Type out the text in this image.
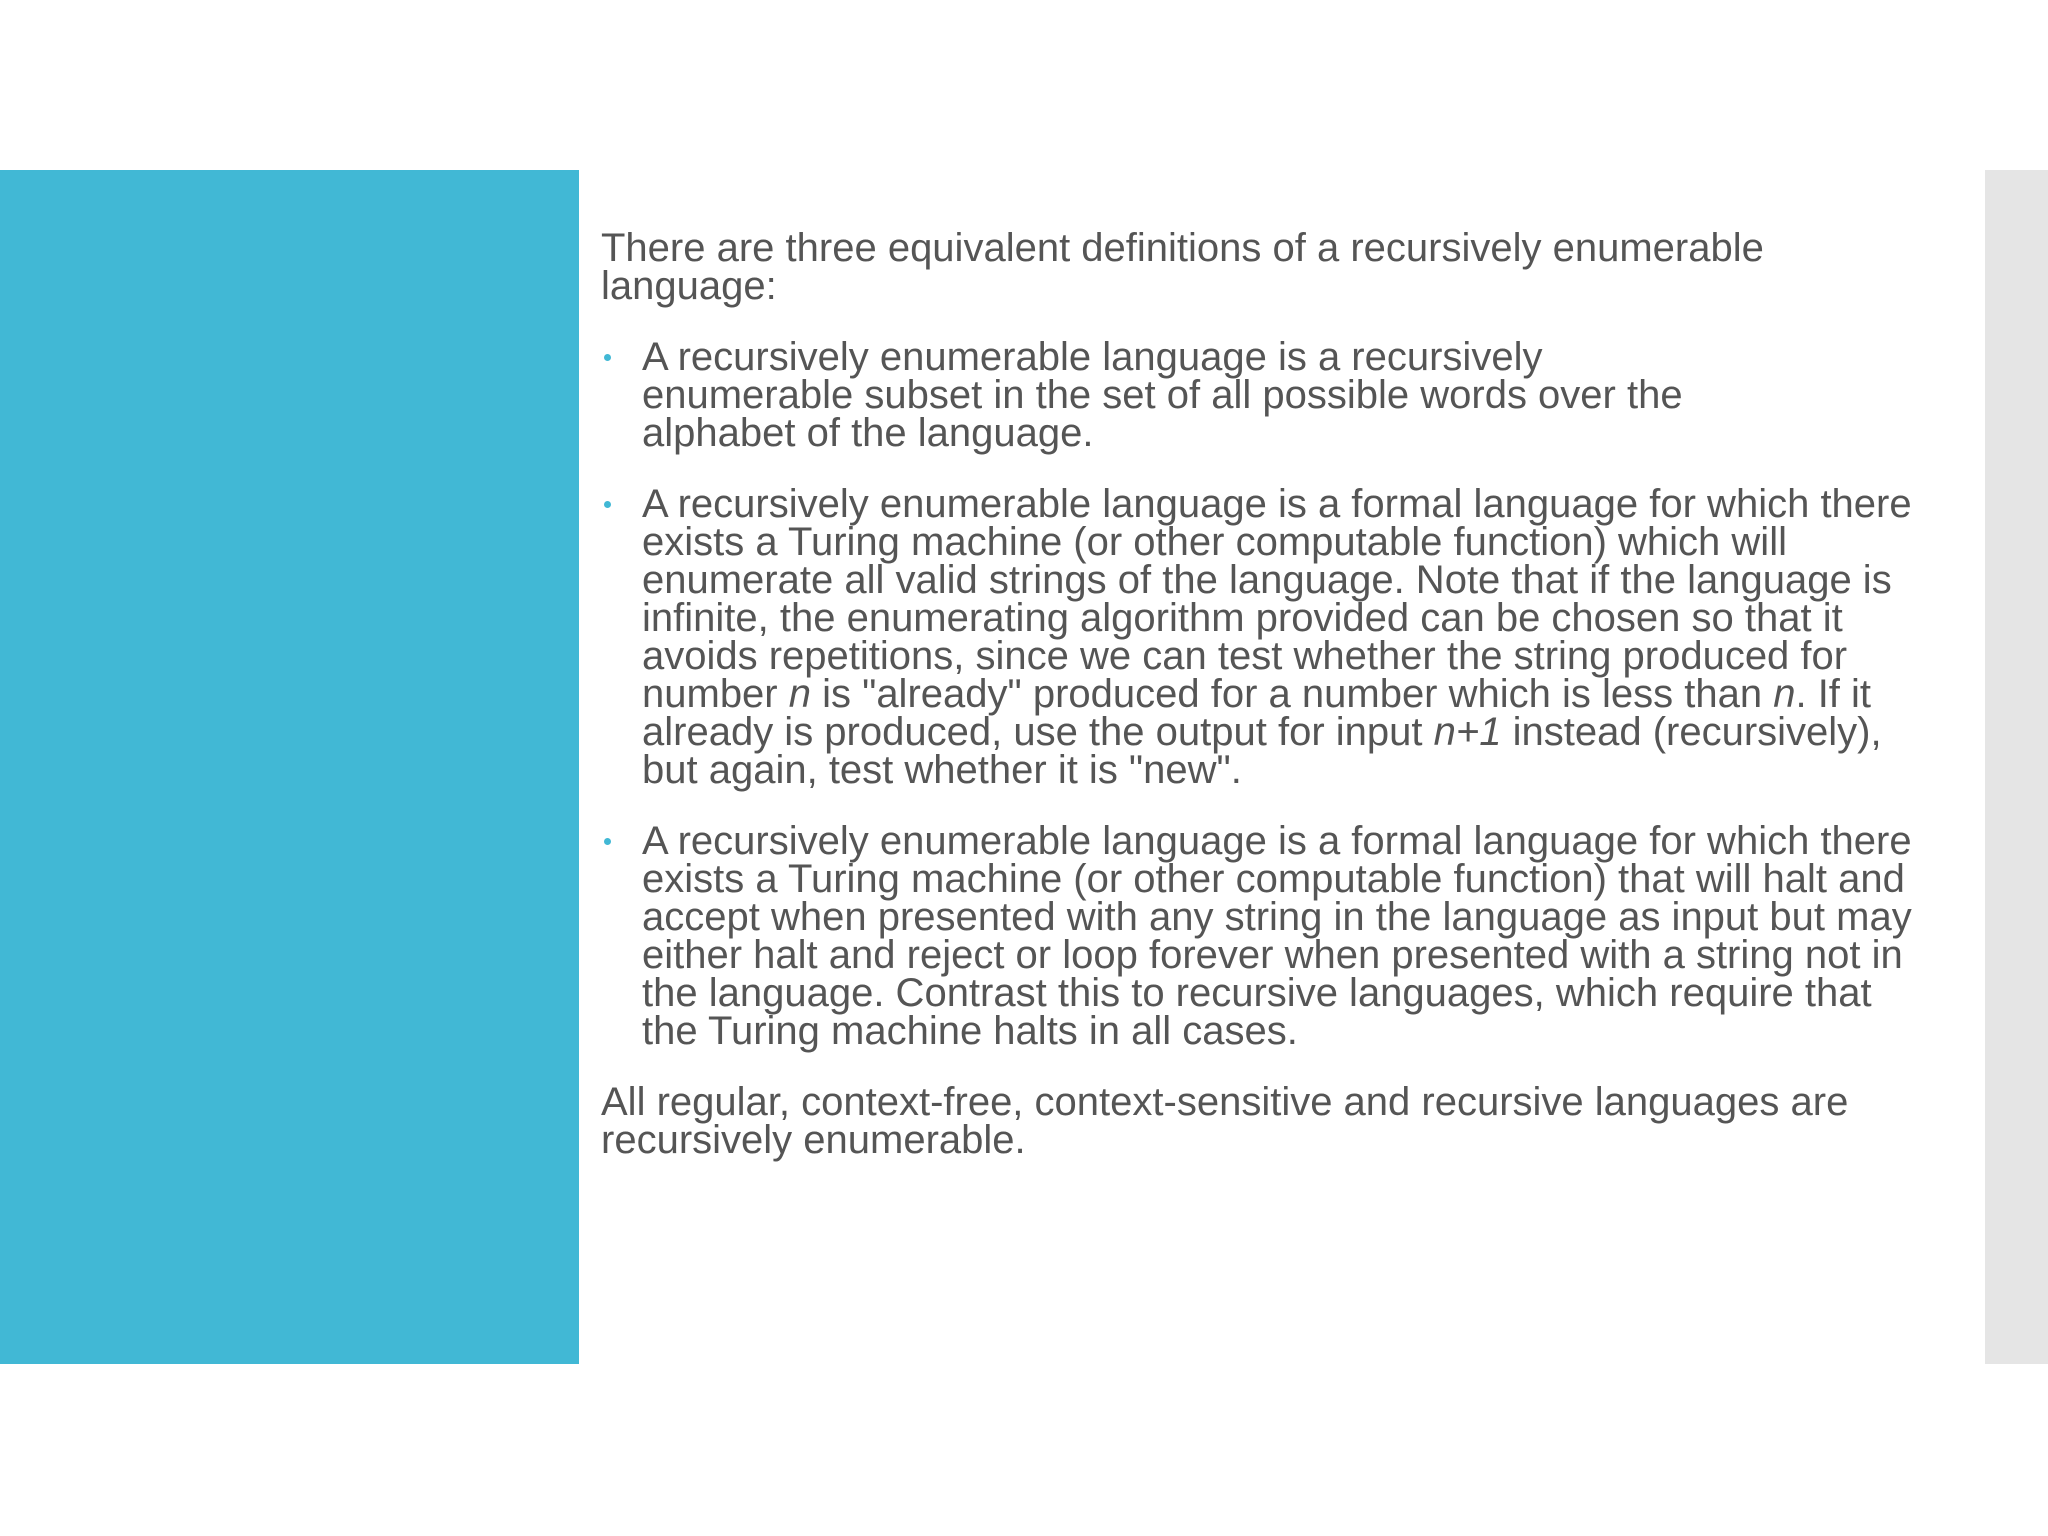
There are three equivalent definitions of a recursively enumerable language:

A recursively enumerable language is a recursively enumerable subset in the set of all possible words over the alphabet of the language.
A recursively enumerable language is a formal language for which there exists a Turing machine (or other computable function) which will enumerate all valid strings of the language. Note that if the language is infinite, the enumerating algorithm provided can be chosen so that it avoids repetitions, since we can test whether the string produced for number n is "already" produced for a number which is less than n. If it already is produced, use the output for input n+1 instead (recursively), but again, test whether it is "new".
A recursively enumerable language is a formal language for which there exists a Turing machine (or other computable function) that will halt and accept when presented with any string in the language as input but may either halt and reject or loop forever when presented with a string not in the language. Contrast this to recursive languages, which require that the Turing machine halts in all cases.

All regular, context-free, context-sensitive and recursive languages are recursively enumerable.
